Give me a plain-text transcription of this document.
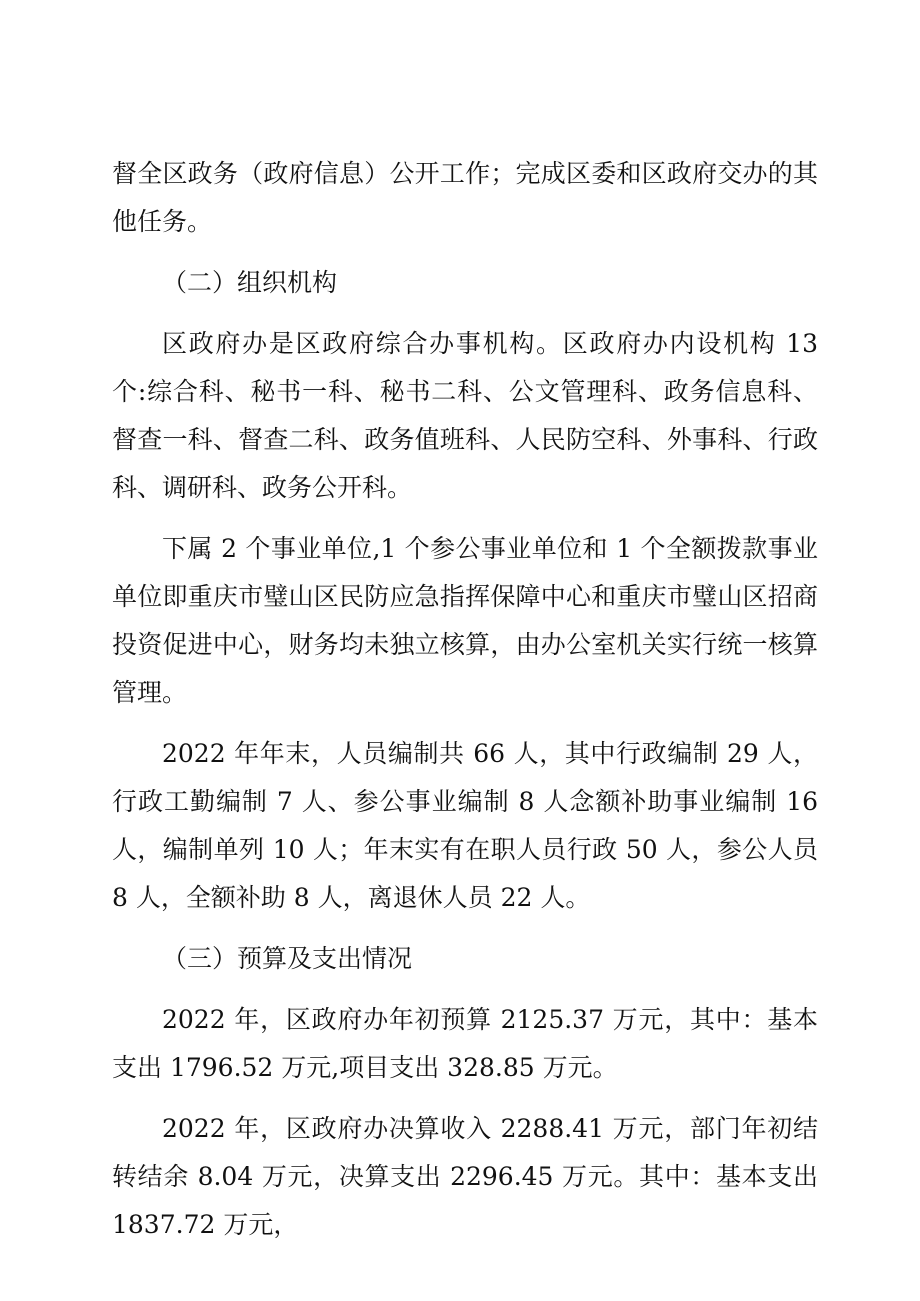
督全区政务（政府信息）公开工作；完成区委和区政府交办的其他任务。

（二）组织机构

区政府办是区政府综合办事机构。区政府办内设机构 13 个:综合科、秘书一科、秘书二科、公文管理科、政务信息科、督查一科、督查二科、政务值班科、人民防空科、外事科、行政科、调研科、政务公开科。

下属 2 个事业单位,1 个参公事业单位和 1 个全额拨款事业单位即重庆市璧山区民防应急指挥保障中心和重庆市璧山区招商投资促进中心，财务均未独立核算，由办公室机关实行统一核算管理。

2022 年年末，人员编制共 66 人，其中行政编制 29 人，行政工勤编制 7 人、参公事业编制 8 人念额补助事业编制 16 人，编制单列 10 人；年末实有在职人员行政 50 人，参公人员 8 人，全额补助 8 人，离退休人员 22 人。

（三）预算及支出情况

2022 年，区政府办年初预算 2125.37 万元，其中：基本支出 1796.52 万元,项目支出 328.85 万元。

2022 年，区政府办决算收入 2288.41 万元，部门年初结转结余 8.04 万元，决算支出 2296.45 万元。其中：基本支出 1837.72 万元，
